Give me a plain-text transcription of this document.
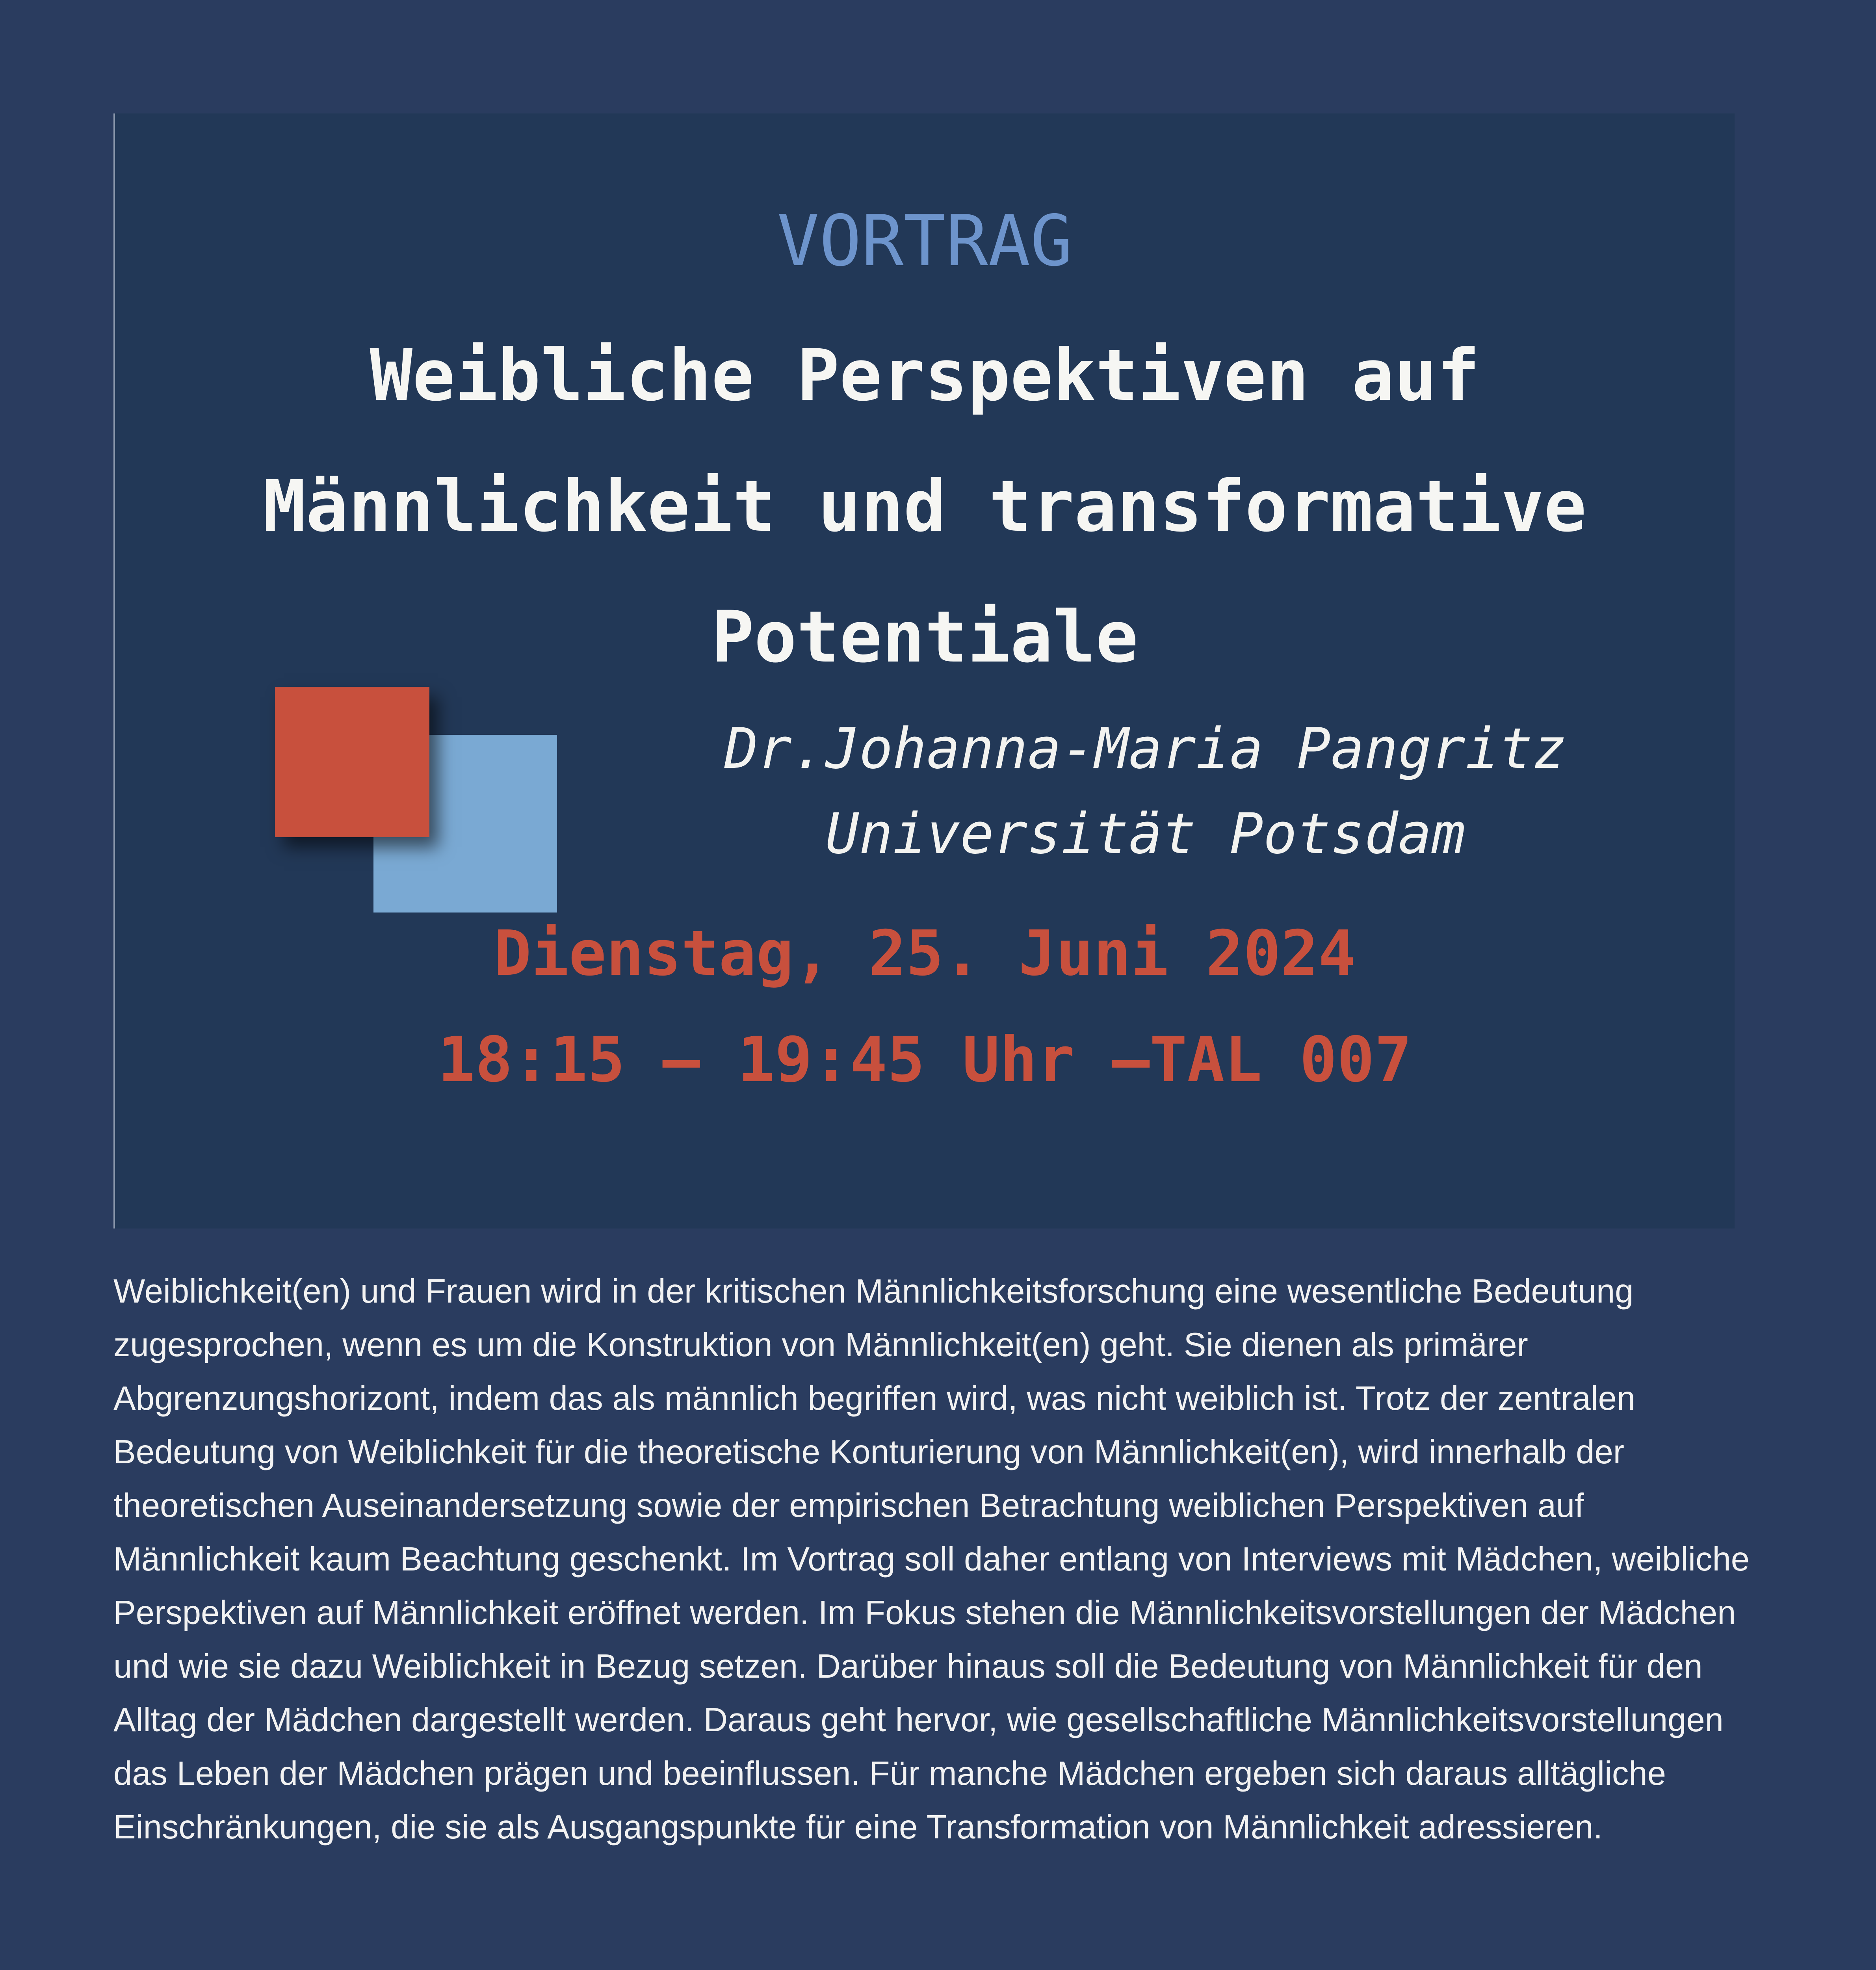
VORTRAG
Weibliche Perspektiven auf
Männlichkeit und transformative
Potentiale
Dr.Johanna-Maria Pangritz
Universität Potsdam
Dienstag, 25. Juni 2024
18:15 – 19:45 Uhr –TAL 007

Weiblichkeit(en) und Frauen wird in der kritischen Männlichkeitsforschung eine wesentliche Bedeutung zugesprochen, wenn es um die Konstruktion von Männlichkeit(en) geht. Sie dienen als primärer Abgrenzungshorizont, indem das als männlich begriffen wird, was nicht weiblich ist. Trotz der zentralen Bedeutung von Weiblichkeit für die theoretische Konturierung von Männlichkeit(en), wird innerhalb der theoretischen Auseinandersetzung sowie der empirischen Betrachtung weiblichen Perspektiven auf Männlichkeit kaum Beachtung geschenkt. Im Vortrag soll daher entlang von Interviews mit Mädchen, weibliche Perspektiven auf Männlichkeit eröffnet werden. Im Fokus stehen die Männlichkeitsvorstellungen der Mädchen und wie sie dazu Weiblichkeit in Bezug setzen. Darüber hinaus soll die Bedeutung von Männlichkeit für den Alltag der Mädchen dargestellt werden. Daraus geht hervor, wie gesellschaftliche Männlichkeitsvorstellungen das Leben der Mädchen prägen und beeinflussen. Für manche Mädchen ergeben sich daraus alltägliche Einschränkungen, die sie als Ausgangspunkte für eine Transformation von Männlichkeit adressieren.
